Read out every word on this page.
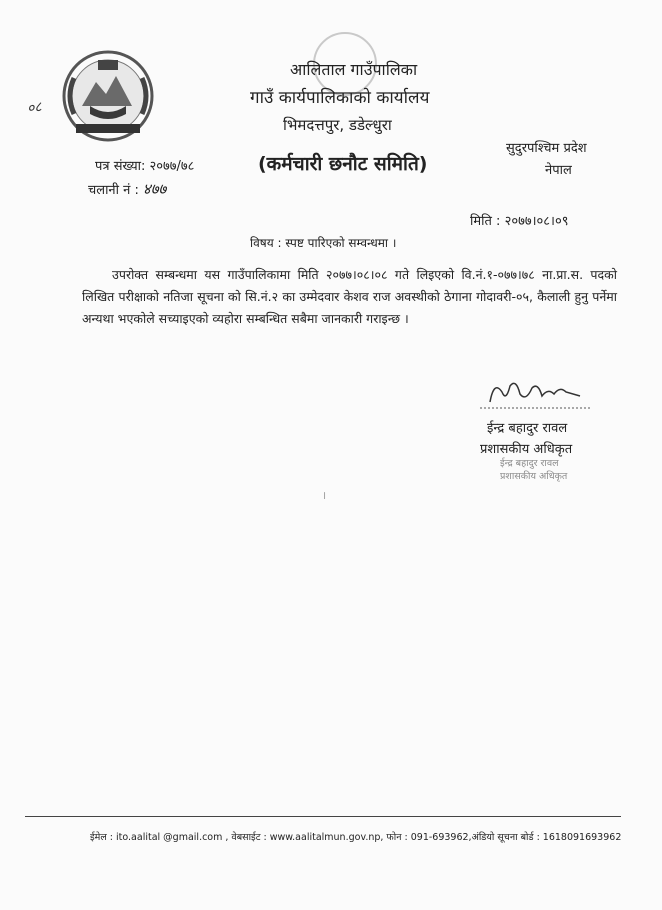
०८
आलिताल गाउँपालिका
गाउँ कार्यपालिकाको कार्यालय
भिमदत्तपुर, डडेल्धुरा
सुदुरपश्चिम प्रदेश
नेपाल
पत्र संख्या: २०७७/७८
चलानी नं : ४७७
(कर्मचारी छनौट समिति)
मिति : २०७७।०८।०९
विषय : स्पष्ट पारिएको सम्वन्धमा ।
उपरोक्त सम्बन्धमा यस गाउँपालिकामा मिति २०७७।०८।०८ गते लिइएको वि.नं.१-०७७।७८ ना.प्रा.स. पदको लिखित परीक्षाको नतिजा सूचना को सि.नं.२ का उम्मेदवार केशव राज अवस्थीको ठेगाना गोदावरी-०५, कैलाली हुनु पर्नेमा अन्यथा भएकोले सच्याइएको व्यहोरा सम्बन्धित सबैमा जानकारी गराइन्छ ।
ईन्द्र बहादुर रावल
प्रशासकीय अधिकृत
ईन्द्र बहादुर रावल
प्रशासकीय अधिकृत
।
ईमेल : ito.aalital @gmail.com , वेबसाईट : www.aalitalmun.gov.np, फोन : 091-693962,अंडियो सूचना बोर्ड : 1618091693962
